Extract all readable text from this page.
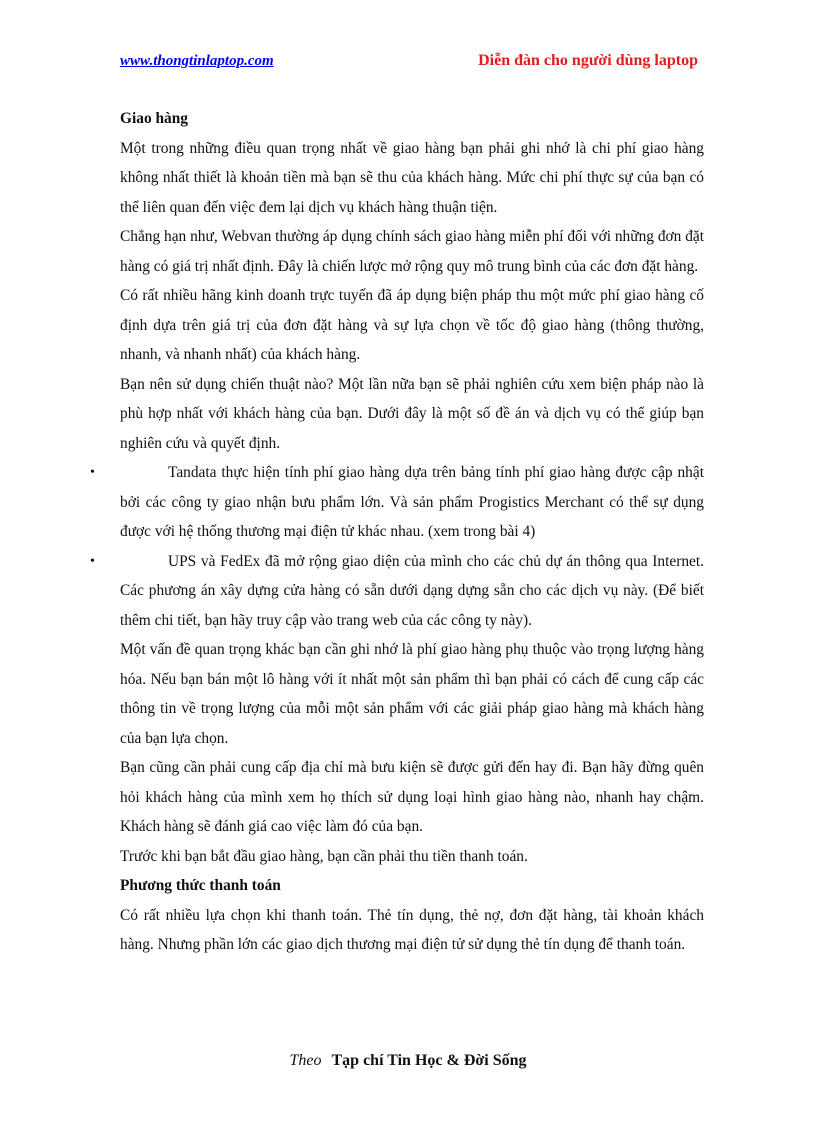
www.thongtinlaptop.com	Diễn đàn cho người dùng laptop
Giao hàng

Một trong những điều quan trọng nhất về giao hàng bạn phải ghi nhớ là chi phí giao hàng không nhất thiết là khoản tiền mà bạn sẽ thu của khách hàng. Mức chi phí thực sự của bạn có thể liên quan đến việc đem lại dịch vụ khách hàng thuận tiện.

Chẳng hạn như, Webvan thường áp dụng chính sách giao hàng miễn phí đối với những đơn đặt hàng có giá trị nhất định. Đây là chiến lược mở rộng quy mô trung bình của các đơn đặt hàng.

Có rất nhiều hãng kinh doanh trực tuyến đã áp dụng biện pháp thu một mức phí giao hàng cố định dựa trên giá trị của đơn đặt hàng và sự lựa chọn về tốc độ giao hàng (thông thường, nhanh, và nhanh nhất) của khách hàng.

Bạn nên sử dụng chiến thuật nào? Một lần nữa bạn sẽ phải nghiên cứu xem biện pháp nào là phù hợp nhất với khách hàng của bạn. Dưới đây là một số đề án và dịch vụ có thể giúp bạn nghiên cứu và quyết định.

•	Tandata thực hiện tính phí giao hàng dựa trên bảng tính phí giao hàng được cập nhật bởi các công ty giao nhận bưu phẩm lớn. Và sản phẩm Progistics Merchant có thể sự dụng được với hệ thống thương mại điện tử khác nhau. (xem trong bài 4)

•	UPS và FedEx đã mở rộng giao diện của mình cho các chủ dự án thông qua Internet. Các phương án xây dựng cửa hàng có sẵn dưới dạng dựng sẵn cho các dịch vụ này. (Để biết thêm chi tiết, bạn hãy truy cập vào trang web của các công ty này).

Một vấn đề quan trọng khác bạn cần ghi nhớ là phí giao hàng phụ thuộc vào trọng lượng hàng hóa. Nếu bạn bán một lô hàng với ít nhất một sản phẩm thì bạn phải có cách để cung cấp các thông tin về trọng lượng của mỗi một sản phẩm với các giải pháp giao hàng mà khách hàng của bạn lựa chọn.

Bạn cũng cần phải cung cấp địa chỉ mà bưu kiện sẽ được gửi đến hay đi. Bạn hãy đừng quên hỏi khách hàng của mình xem họ thích sử dụng loại hình giao hàng nào, nhanh hay chậm. Khách hàng sẽ đánh giá cao việc làm đó của bạn.

Trước khi bạn bắt đầu giao hàng, bạn cần phải thu tiền thanh toán.

Phương thức thanh toán

Có rất nhiều lựa chọn khi thanh toán. Thẻ tín dụng, thẻ nợ, đơn đặt hàng, tài khoản khách hàng. Nhưng phần lớn các giao dịch thương mại điện tử sử dụng thẻ tín dụng để thanh toán.

Theo Tạp chí Tin Học & Đời Sống
